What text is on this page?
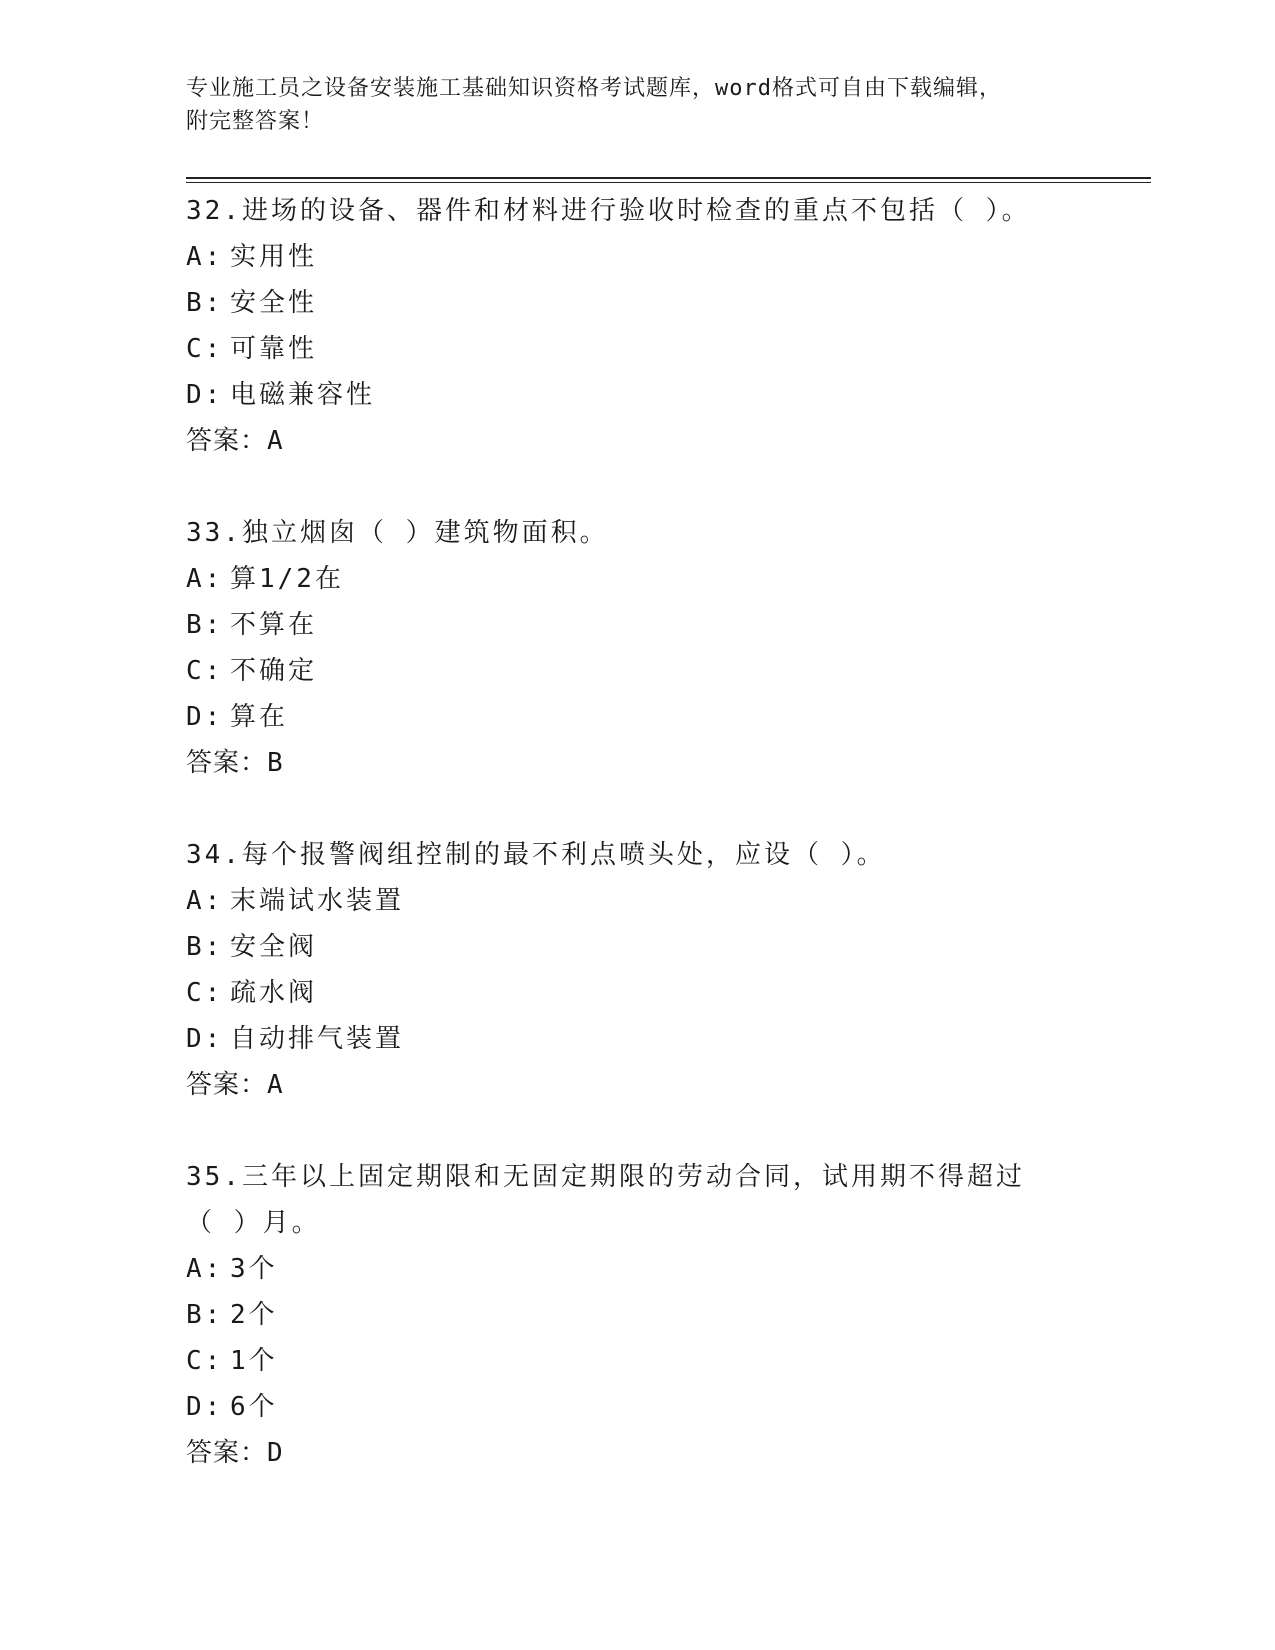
专业施工员之设备安装施工基础知识资格考试题库，word格式可自由下载编辑，
附完整答案！
32.进场的设备、器件和材料进行验收时检查的重点不包括（ ）。
A: 实用性
B: 安全性
C: 可靠性
D: 电磁兼容性
答案：A
33.独立烟囱（ ）建筑物面积。
A: 算1/2在
B: 不算在
C: 不确定
D: 算在
答案：B
34.每个报警阀组控制的最不利点喷头处，应设（ ）。
A: 末端试水装置
B: 安全阀
C: 疏水阀
D: 自动排气装置
答案：A
35.三年以上固定期限和无固定期限的劳动合同，试用期不得超过（ ）月。
A: 3个
B: 2个
C: 1个
D: 6个
答案：D
